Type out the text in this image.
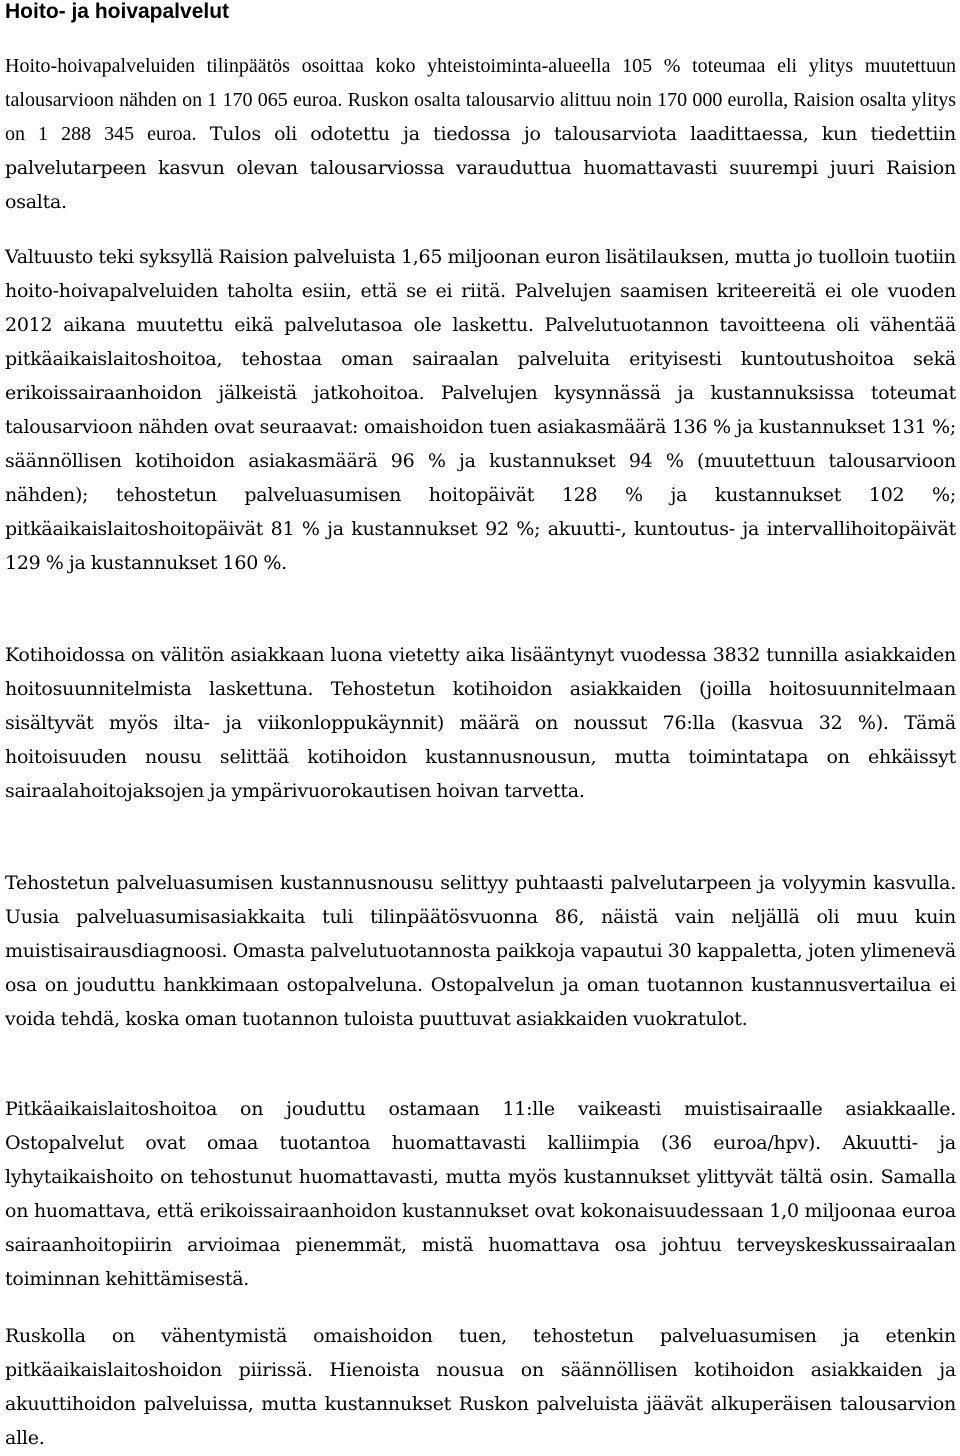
Hoito- ja hoivapalvelut

Hoito-hoivapalveluiden tilinpäätös osoittaa koko yhteistoiminta-alueella 105 % toteumaa eli ylitys muutettuun talousarvioon nähden on 1 170 065 euroa. Ruskon osalta talousarvio alittuu noin 170 000 eurolla, Raision osalta ylitys on 1 288 345 euroa. Tulos oli odotettu ja tiedossa jo talousarviota laadittaessa, kun tiedettiin palvelutarpeen kasvun olevan talousarviossa varauduttua huomattavasti suurempi juuri Raision osalta.

Valtuusto teki syksyllä Raision palveluista 1,65 miljoonan euron lisätilauksen, mutta jo tuolloin tuotiin hoito-hoivapalveluiden taholta esiin, että se ei riitä. Palvelujen saamisen kriteereitä ei ole vuoden 2012 aikana muutettu eikä palvelutasoa ole laskettu. Palvelutuotannon tavoitteena oli vähentää pitkäaikaislaitoshoitoa, tehostaa oman sairaalan palveluita erityisesti kuntoutushoitoa sekä erikoissairaanhoidon jälkeistä jatkohoitoa. Palvelujen kysynnässä ja kustannuksissa toteumat talousarvioon nähden ovat seuraavat: omaishoidon tuen asiakasmäärä 136 % ja kustannukset 131 %; säännöllisen kotihoidon asiakasmäärä 96 % ja kustannukset 94 % (muutettuun talousarvioon nähden); tehostetun palveluasumisen hoitopäivät 128 % ja kustannukset 102 %; pitkäaikaislaitoshoitopäivät 81 % ja kustannukset 92 %; akuutti-, kuntoutus- ja intervallihoitopäivät 129 % ja kustannukset 160 %.

Kotihoidossa on välitön asiakkaan luona vietetty aika lisääntynyt vuodessa 3832 tunnilla asiakkaiden hoitosuunnitelmista laskettuna. Tehostetun kotihoidon asiakkaiden (joilla hoitosuunnitelmaan sisältyvät myös ilta- ja viikonloppukäynnit) määrä on noussut 76:lla (kasvua 32 %). Tämä hoitoisuuden nousu selittää kotihoidon kustannusnousun, mutta toimintatapa on ehkäissyt sairaalahoitojaksojen ja ympärivuorokautisen hoivan tarvetta.

Tehostetun palveluasumisen kustannusnousu selittyy puhtaasti palvelutarpeen ja volyymin kasvulla. Uusia palveluasumisasiakkaita tuli tilinpäätösvuonna 86, näistä vain neljällä oli muu kuin muistisairausdiagnoosi. Omasta palvelutuotannosta paikkoja vapautui 30 kappaletta, joten ylimenevä osa on jouduttu hankkimaan ostopalveluna. Ostopalvelun ja oman tuotannon kustannusvertailua ei voida tehdä, koska oman tuotannon tuloista puuttuvat asiakkaiden vuokratulot.

Pitkäaikaislaitoshoitoa on jouduttu ostamaan 11:lle vaikeasti muistisairaalle asiakkaalle. Ostopalvelut ovat omaa tuotantoa huomattavasti kalliimpia (36 euroa/hpv). Akuutti- ja lyhytaikaishoito on tehostunut huomattavasti, mutta myös kustannukset ylittyvät tältä osin. Samalla on huomattava, että erikoissairaanhoidon kustannukset ovat kokonaisuudessaan 1,0 miljoonaa euroa sairaanhoitopiirin arvioimaa pienemmät, mistä huomattava osa johtuu terveyskeskussairaalan toiminnan kehittämisestä.

Ruskolla on vähentymistä omaishoidon tuen, tehostetun palveluasumisen ja etenkin pitkäaikaislaitoshoidon piirissä. Hienoista nousua on säännöllisen kotihoidon asiakkaiden ja akuuttihoidon palveluissa, mutta kustannukset Ruskon palveluista jäävät alkuperäisen talousarvion alle.
